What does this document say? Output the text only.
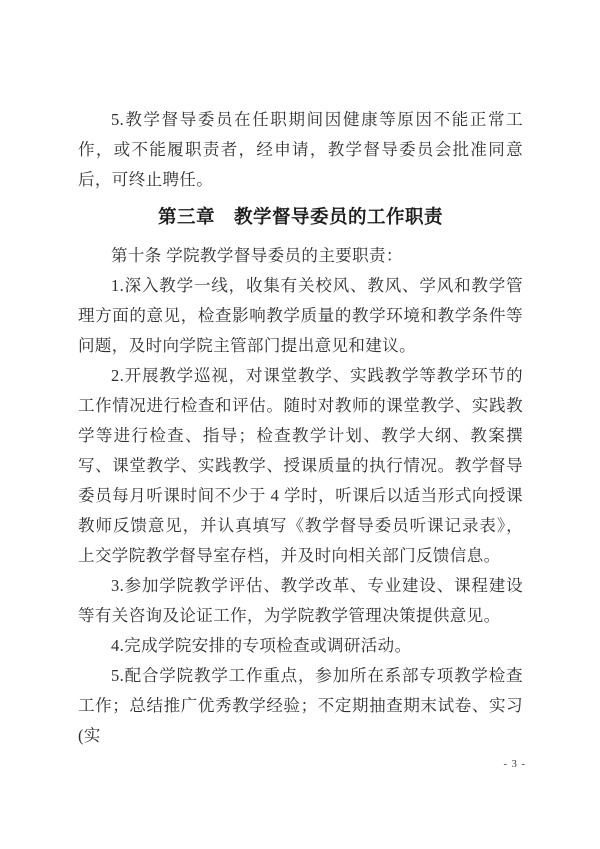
5.教学督导委员在任职期间因健康等原因不能正常工作，或不能履职责者，经申请，教学督导委员会批准同意后，可终止聘任。

第三章　教学督导委员的工作职责

第十条 学院教学督导委员的主要职责：

1.深入教学一线，收集有关校风、教风、学风和教学管理方面的意见，检查影响教学质量的教学环境和教学条件等问题，及时向学院主管部门提出意见和建议。

2.开展教学巡视，对课堂教学、实践教学等教学环节的工作情况进行检查和评估。随时对教师的课堂教学、实践教学等进行检查、指导；检查教学计划、教学大纲、教案撰写、课堂教学、实践教学、授课质量的执行情况。教学督导委员每月听课时间不少于 4 学时，听课后以适当形式向授课教师反馈意见，并认真填写《教学督导委员听课记录表》，上交学院教学督导室存档，并及时向相关部门反馈信息。

3.参加学院教学评估、教学改革、专业建设、课程建设等有关咨询及论证工作，为学院教学管理决策提供意见。

4.完成学院安排的专项检查或调研活动。

5.配合学院教学工作重点，参加所在系部专项教学检查工作；总结推广优秀教学经验；不定期抽查期末试卷、实习(实

- 3 -
